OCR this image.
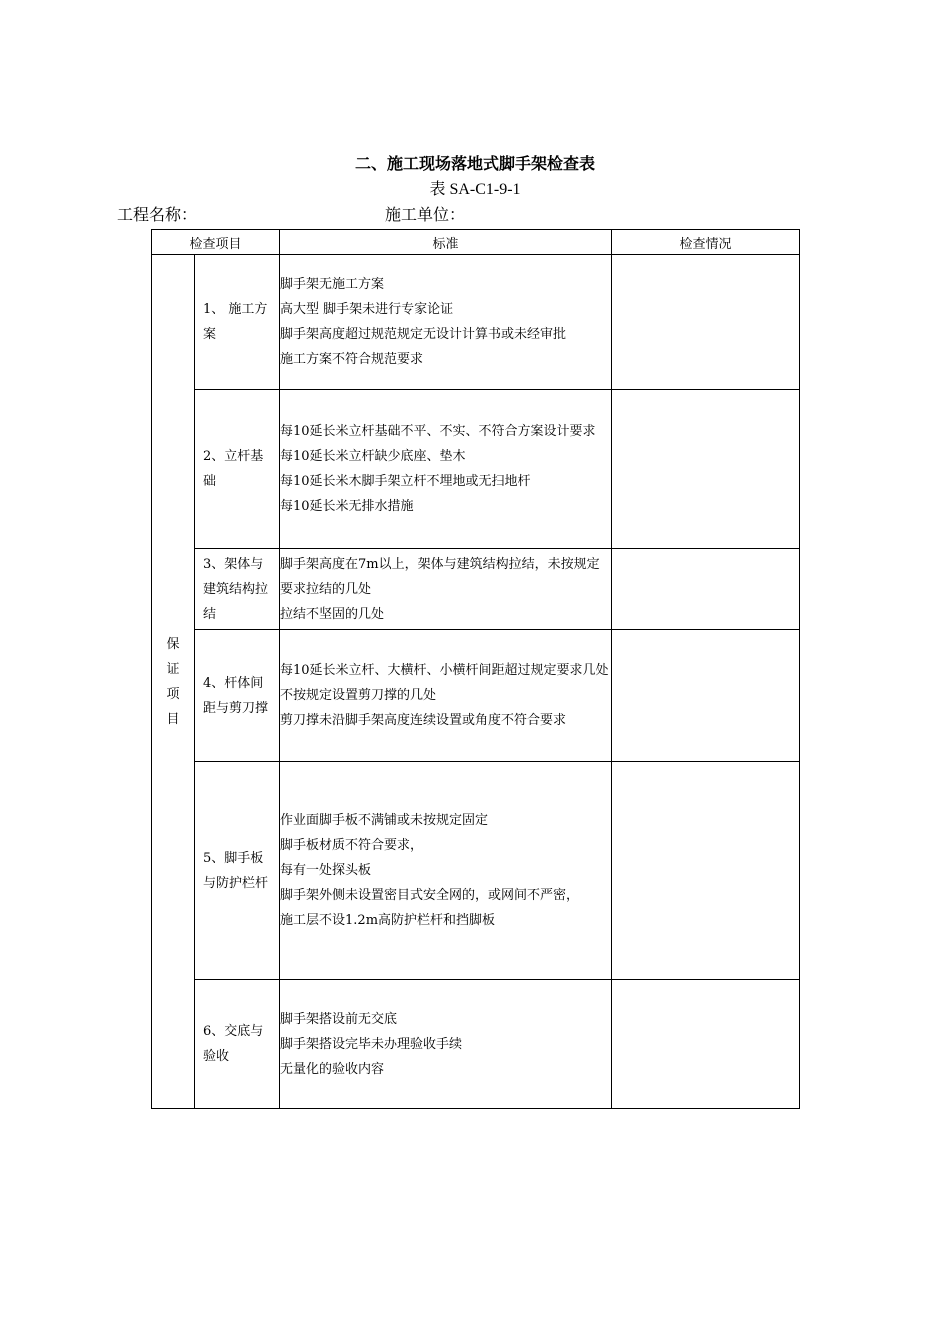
二、施工现场落地式脚手架检查表
表 SA-C1-9-1
工程名称：	施工单位：
检查项目		标准	检查情况
保证项目	1、 施工方案	脚手架无施工方案
高大型 脚手架未进行专家论证
脚手架高度超过规范规定无设计计算书或未经审批
施工方案不符合规范要求	

	2、立杆基础	每10延长米立杆基础不平、不实、不符合方案设计要求
每10延长米立杆缺少底座、垫木
每10延长米木脚手架立杆不埋地或无扫地杆
每10延长米无排水措施	

	3、架体与建筑结构拉结	脚手架高度在7m以上，架体与建筑结构拉结，未按规定要求拉结的几处
拉结不坚固的几处	

	4、杆体间距与剪刀撑	每10延长米立杆、大横杆、小横杆间距超过规定要求几处
不按规定设置剪刀撑的几处
剪刀撑未沿脚手架高度连续设置或角度不符合要求	

	5、脚手板与防护栏杆	作业面脚手板不满铺或未按规定固定
脚手板材质不符合要求，
每有一处探头板
脚手架外侧未设置密目式安全网的，或网间不严密，
施工层不设1.2m高防护栏杆和挡脚板	

	6、交底与验收	脚手架搭设前无交底
脚手架搭设完毕未办理验收手续
无量化的验收内容	
